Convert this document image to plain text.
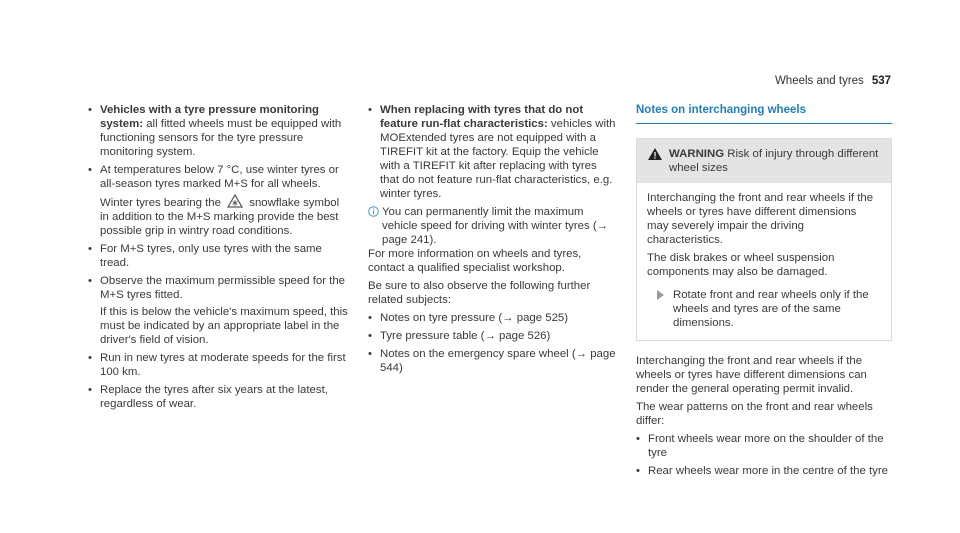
Wheels and tyres 537
• Vehicles with a tyre pressure monitoring system: all fitted wheels must be equipped with functioning sensors for the tyre pressure monitoring system.
• At temperatures below 7 °C, use winter tyres or all-season tyres marked M+S for all wheels.
Winter tyres bearing the snowflake symbol in addition to the M+S marking provide the best possible grip in wintry road conditions.
• For M+S tyres, only use tyres with the same tread.
• Observe the maximum permissible speed for the M+S tyres fitted.
If this is below the vehicle's maximum speed, this must be indicated by an appropriate label in the driver's field of vision.
• Run in new tyres at moderate speeds for the first 100 km.
• Replace the tyres after six years at the latest, regardless of wear.
• When replacing with tyres that do not feature run-flat characteristics: vehicles with MOExtended tyres are not equipped with a TIREFIT kit at the factory. Equip the vehicle with a TIREFIT kit after replacing with tyres that do not feature run-flat characteristics, e.g. winter tyres.
You can permanently limit the maximum vehicle speed for driving with winter tyres (→ page 241).

For more information on wheels and tyres, contact a qualified specialist workshop.

Be sure to also observe the following further related subjects:

• Notes on tyre pressure (→ page 525)
• Tyre pressure table (→ page 526)
• Notes on the emergency spare wheel (→ page 544)
Notes on interchanging wheels
WARNING Risk of injury through different wheel sizes

Interchanging the front and rear wheels if the wheels or tyres have different dimensions may severely impair the driving characteristics.

The disk brakes or wheel suspension components may also be damaged.

Rotate front and rear wheels only if the wheels and tyres are of the same dimensions.

Interchanging the front and rear wheels if the wheels or tyres have different dimensions can render the general operating permit invalid.

The wear patterns on the front and rear wheels differ:

• Front wheels wear more on the shoulder of the tyre
• Rear wheels wear more in the centre of the tyre
